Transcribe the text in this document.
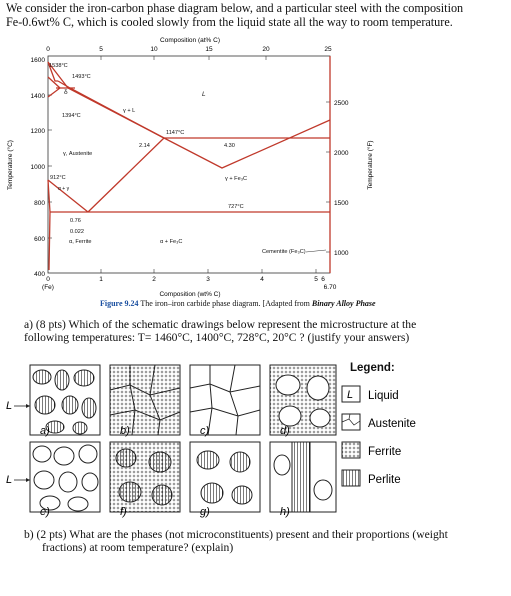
We consider the iron-carbon phase diagram below, and a particular steel with the composition
Fe-0.6wt% C, which is cooled slowly from the liquid state all the way to room temperature.
Composition (at% C)
0	5	10	15	20	25
1600
1400
1200
1000
800
600
400
Temperature (°C)
2500
2000
1500
1000
Temperature (°F)
0	1	2	3	4	5 6
6.70
(Fe)
Composition (wt% C)
1538°C
1493°C
1394°C
1147°C
912°C
727°C
2.14	4.30
0.76
0.022
δ
γ, Austenite
γ + L
L
γ + Fe₃C
α, Ferrite	α + Fe₃C
α + γ
Cementite (Fe₃C)
Figure 9.24 The iron–iron carbide phase diagram. [Adapted from Binary Alloy Phase
a) (8 pts) Which of the schematic drawings below represent the microstructure at the
following temperatures: T= 1460°C, 1400°C, 728°C, 20°C ? (justify your answers)
L
L
a)	b)	c)	d)
e)	f)	g)	h)
Legend:
L Liquid
Austenite
Ferrite
Perlite
b) (2 pts) What are the phases (not microconstituents) present and their proportions (weight
fractions) at room temperature? (explain)
